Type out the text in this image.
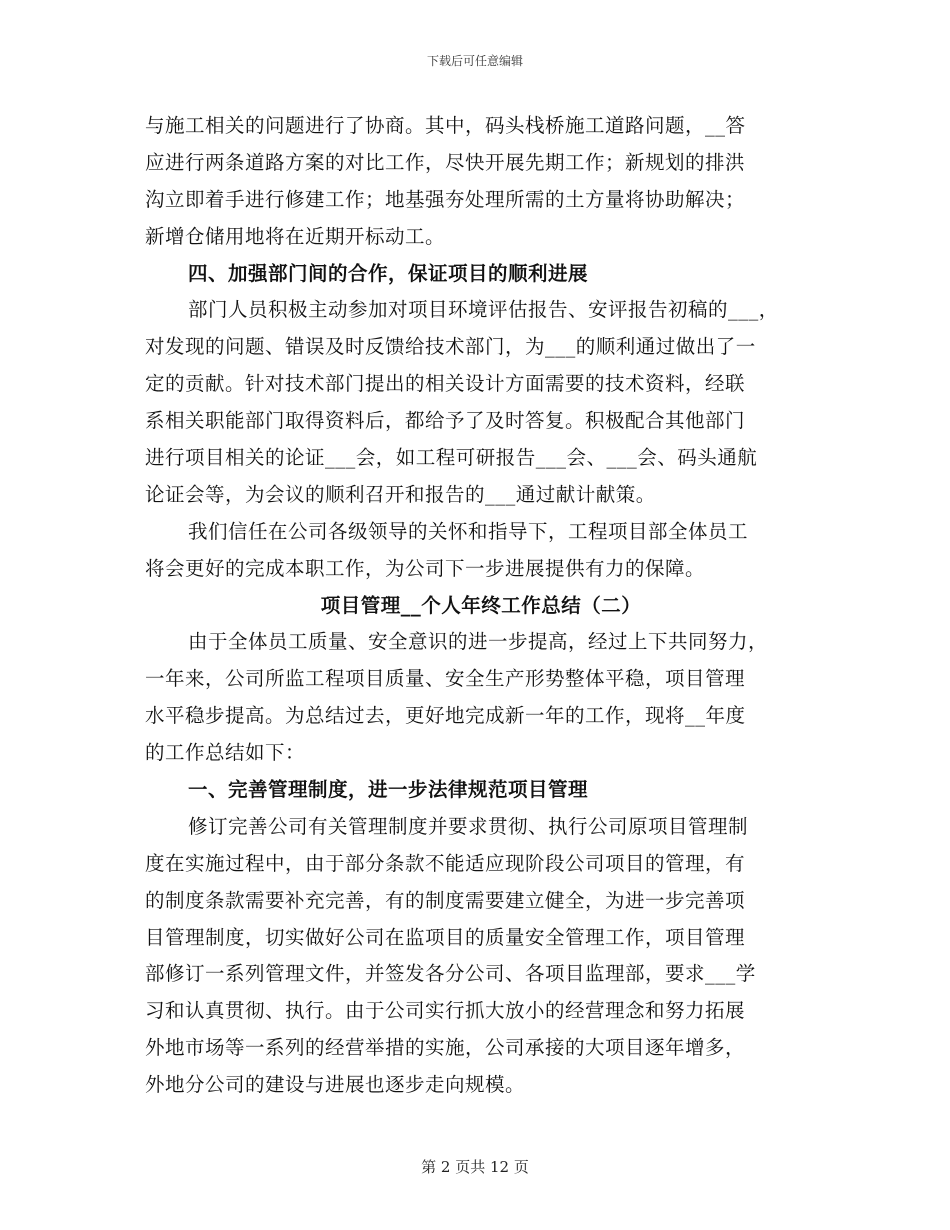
下载后可任意编辑
与施工相关的问题进行了协商。其中，码头栈桥施工道路问题，__答
应进行两条道路方案的对比工作，尽快开展先期工作；新规划的排洪
沟立即着手进行修建工作；地基强夯处理所需的土方量将协助解决；
新增仓储用地将在近期开标动工。
四、加强部门间的合作，保证项目的顺利进展
部门人员积极主动参加对项目环境评估报告、安评报告初稿的___，
对发现的问题、错误及时反馈给技术部门，为___的顺利通过做出了一
定的贡献。针对技术部门提出的相关设计方面需要的技术资料，经联
系相关职能部门取得资料后，都给予了及时答复。积极配合其他部门
进行项目相关的论证___会，如工程可研报告___会、___会、码头通航
论证会等，为会议的顺利召开和报告的___通过献计献策。
我们信任在公司各级领导的关怀和指导下，工程项目部全体员工
将会更好的完成本职工作，为公司下一步进展提供有力的保障。
项目管理__个人年终工作总结（二）
由于全体员工质量、安全意识的进一步提高，经过上下共同努力，
一年来，公司所监工程项目质量、安全生产形势整体平稳，项目管理
水平稳步提高。为总结过去，更好地完成新一年的工作，现将__年度
的工作总结如下：
一、完善管理制度，进一步法律规范项目管理
修订完善公司有关管理制度并要求贯彻、执行公司原项目管理制
度在实施过程中，由于部分条款不能适应现阶段公司项目的管理，有
的制度条款需要补充完善，有的制度需要建立健全，为进一步完善项
目管理制度，切实做好公司在监项目的质量安全管理工作，项目管理
部修订一系列管理文件，并签发各分公司、各项目监理部，要求___学
习和认真贯彻、执行。由于公司实行抓大放小的经营理念和努力拓展
外地市场等一系列的经营举措的实施，公司承接的大项目逐年增多，
外地分公司的建设与进展也逐步走向规模。
第 2 页共 12 页
